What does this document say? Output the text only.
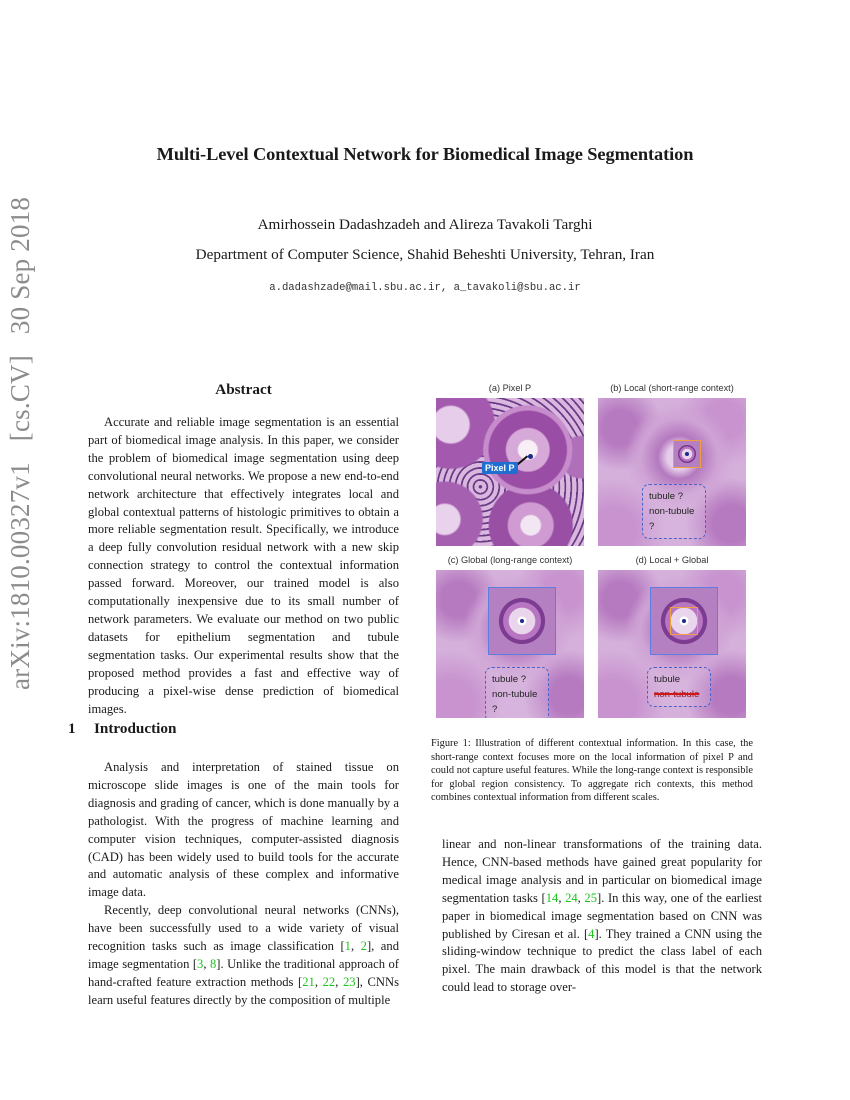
arXiv:1810.00327v1 [cs.CV] 30 Sep 2018
Multi-Level Contextual Network for Biomedical Image Segmentation
Amirhossein Dadashzadeh and Alireza Tavakoli Targhi
Department of Computer Science, Shahid Beheshti University, Tehran, Iran
a.dadashzade@mail.sbu.ac.ir, a_tavakoli@sbu.ac.ir
Abstract

Accurate and reliable image segmentation is an essential part of biomedical image analysis. In this paper, we consider the problem of biomedical image segmentation using deep convolutional neural networks. We propose a new end-to-end network architecture that effectively integrates local and global contextual patterns of histologic primitives to obtain a more reliable segmentation result. Specifically, we introduce a deep fully convolution residual network with a new skip connection strategy to control the contextual information passed forward. Moreover, our trained model is also computationally inexpensive due to its small number of network parameters. We evaluate our method on two public datasets for epithelium segmentation and tubule segmentation tasks. Our experimental results show that the proposed method provides a fast and effective way of producing a pixel-wise dense prediction of biomedical images.

1 Introduction

Analysis and interpretation of stained tissue on microscope slide images is one of the main tools for diagnosis and grading of cancer, which is done manually by a pathologist. With the progress of machine learning and computer vision techniques, computer-assisted diagnosis (CAD) has been widely used to build tools for the accurate and automatic analysis of these complex and informative image data.

Recently, deep convolutional neural networks (CNNs), have been successfully used to a wide variety of visual recognition tasks such as image classification [1, 2], and image segmentation [3, 8]. Unlike the traditional approach of hand-crafted feature extraction methods [21, 22, 23], CNNs learn useful features directly by the composition of multiple

linear and non-linear transformations of the training data. Hence, CNN-based methods have gained great popularity for medical image analysis and in particular on biomedical image segmentation tasks [14, 24, 25]. In this way, one of the earliest paper in biomedical image segmentation based on CNN was published by Ciresan et al. [4]. They trained a CNN using the sliding-window technique to predict the class label of each pixel. The main drawback of this model is that the network could lead to storage over-

(a) Pixel P
Pixel P
(b) Local (short-range context)
tubule ?
non-tubule ?
(c) Global (long-range context)
tubule ?
non-tubule ?
(d) Local + Global
tubule
non-tubule
Figure 1: Illustration of different contextual information. In this case, the short-range context focuses more on the local information of pixel P and could not capture useful features. While the long-range context is responsible for global region consistency. To aggregate rich contexts, this method combines contextual information from different scales.
